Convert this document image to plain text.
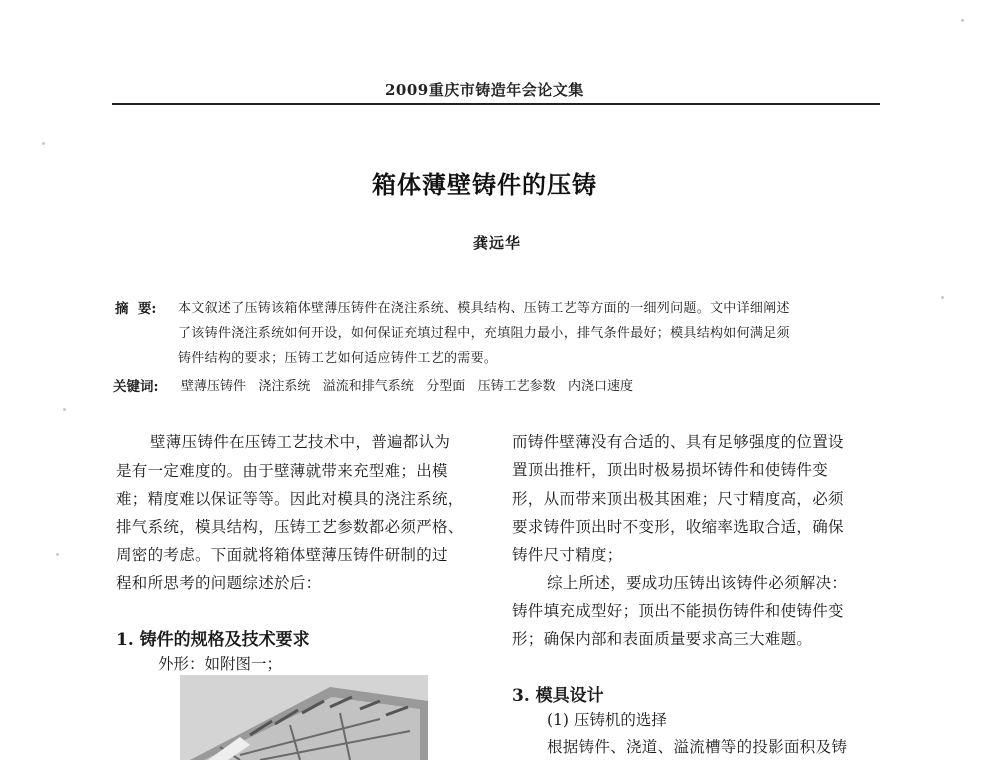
2009重庆市铸造年会论文集
箱体薄壁铸件的压铸
龚远华
摘  要: 本文叙述了压铸该箱体壁薄压铸件在浇注系统、模具结构、压铸工艺等方面的一细列问题。文中详细阐述
了该铸件浇注系统如何开设，如何保证充填过程中，充填阻力最小，排气条件最好；模具结构如何满足须
铸件结构的要求；压铸工艺如何适应铸件工艺的需要。
关键词: 壁薄压铸件   浇注系统   溢流和排气系统   分型面   压铸工艺参数   内浇口速度
壁薄压铸件在压铸工艺技术中，普遍都认为
是有一定难度的。由于壁薄就带来充型难；出模
难；精度难以保证等等。因此对模具的浇注系统，
排气系统，模具结构，压铸工艺参数都必须严格、
周密的考虑。下面就将箱体壁薄压铸件研制的过
程和所思考的问题综述於后：
1. 铸件的规格及技术要求
外形：如附图一；
而铸件壁薄没有合适的、具有足够强度的位置设
置顶出推杆，顶出时极易损坏铸件和使铸件变
形，从而带来顶出极其困难；尺寸精度高，必须
要求铸件顶出时不变形，收缩率选取合适，确保
铸件尺寸精度；
综上所述，要成功压铸出该铸件必须解决：
铸件填充成型好；顶出不能损伤铸件和使铸件变
形；确保内部和表面质量要求高三大难题。
3. 模具设计
(1) 压铸机的选择
根据铸件、浇道、溢流槽等的投影面积及铸
